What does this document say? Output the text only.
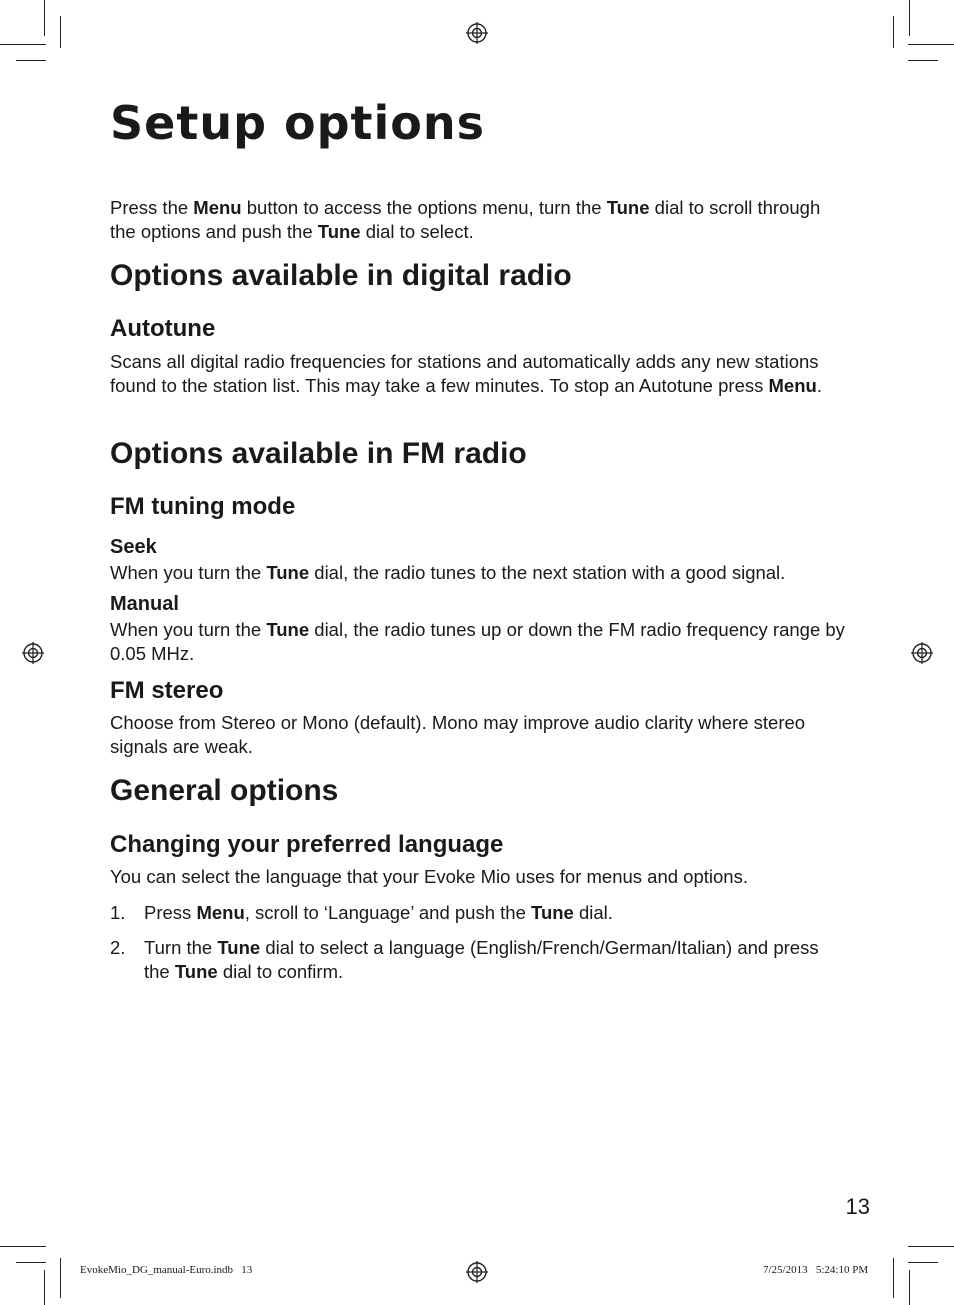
Setup options

Press the Menu button to access the options menu, turn the Tune dial to scroll through the options and push the Tune dial to select.

Options available in digital radio
Autotune

Scans all digital radio frequencies for stations and automatically adds any new stations found to the station list. This may take a few minutes. To stop an Autotune press Menu.

Options available in FM radio
FM tuning mode
Seek

When you turn the Tune dial, the radio tunes to the next station with a good signal.

Manual

When you turn the Tune dial, the radio tunes up or down the FM radio frequency range by 0.05 MHz.

FM stereo

Choose from Stereo or Mono (default). Mono may improve audio clarity where stereo signals are weak.

General options
Changing your preferred language

You can select the language that your Evoke Mio uses for menus and options.

1. Press Menu, scroll to ‘Language’ and push the Tune dial.
2. Turn the Tune dial to select a language (English/French/German/Italian) and press the Tune dial to confirm.
13
EvokeMio_DG_manual-Euro.indb   13	7/25/2013   5:24:10 PM
